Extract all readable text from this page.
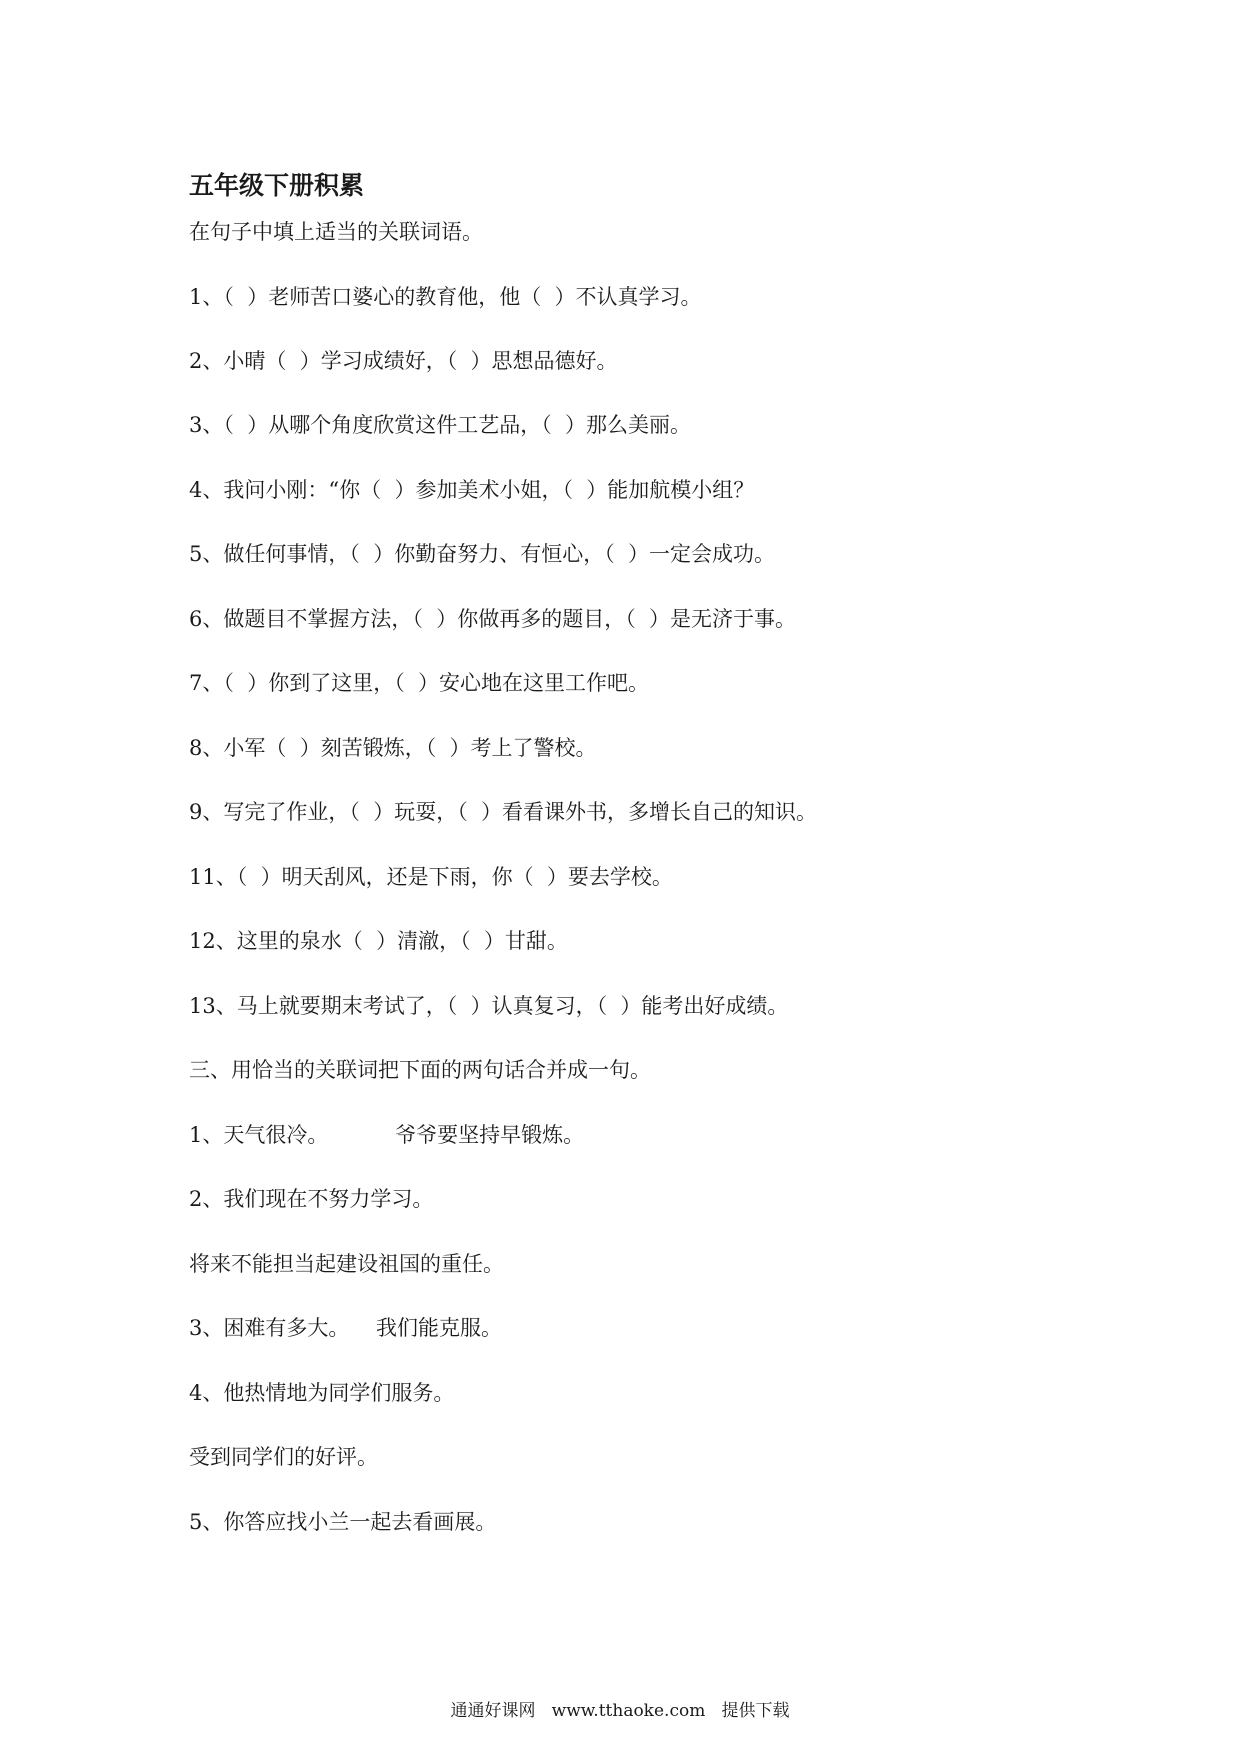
五年级下册积累
在句子中填上适当的关联词语。
1、（  ）老师苦口婆心的教育他，他（  ）不认真学习。
2、小晴（  ）学习成绩好，（  ）思想品德好。
3、（  ）从哪个角度欣赏这件工艺品，（  ）那么美丽。
4、我问小刚：“你（  ）参加美术小姐，（  ）能加航模小组？
5、做任何事情，（  ）你勤奋努力、有恒心，（  ）一定会成功。
6、做题目不掌握方法，（  ）你做再多的题目，（  ）是无济于事。
7、（  ）你到了这里，（  ）安心地在这里工作吧。
8、小军（  ）刻苦锻炼，（  ）考上了警校。
9、写完了作业，（  ）玩耍，（  ）看看课外书，多增长自己的知识。
11、（  ）明天刮风，还是下雨，你（  ）要去学校。
12、这里的泉水（  ）清澈，（  ）甘甜。
13、马上就要期末考试了，（  ）认真复习，（  ）能考出好成绩。
三、用恰当的关联词把下面的两句话合并成一句。
1、天气很冷。          爷爷要坚持早锻炼。
2、我们现在不努力学习。
将来不能担当起建设祖国的重任。
3、困难有多大。    我们能克服。
4、他热情地为同学们服务。
受到同学们的好评。
5、你答应找小兰一起去看画展。
通通好课网   www.tthaoke.com   提供下载
